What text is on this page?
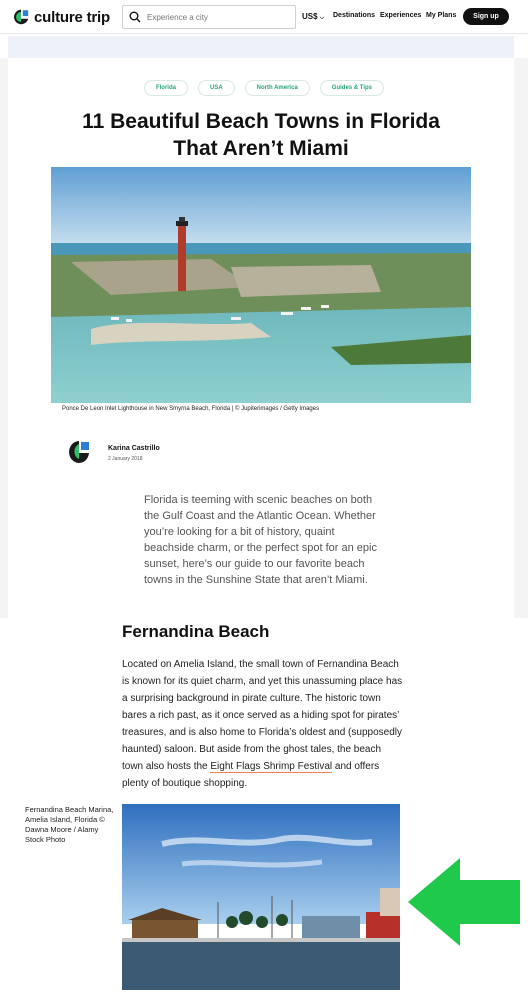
culture trip
Experience a city	US$ ⌵ Destinations Experiences My Plans	Sign up
Florida	USA	North America	Guides & Tips
11 Beautiful Beach Towns in Florida That Aren’t Miami
Ponce De Leon Inlet Lighthouse in New Smyrna Beach, Florida | © Jupiterimages / Getty Images
Karina Castrillo
2 January 2018

Florida is teeming with scenic beaches on both the Gulf Coast and the Atlantic Ocean. Whether you’re looking for a bit of history, quaint beachside charm, or the perfect spot for an epic sunset, here’s our guide to our favorite beach towns in the Sunshine State that aren’t Miami.

Fernandina Beach

Located on Amelia Island, the small town of Fernandina Beach is known for its quiet charm, and yet this unassuming place has a surprising background in pirate culture. The historic town bares a rich past, as it once served as a hiding spot for pirates’ treasures, and is also home to Florida’s oldest and (supposedly haunted) saloon. But aside from the ghost tales, the beach town also hosts the Eight Flags Shrimp Festival and offers plenty of boutique shopping.

Fernandina Beach Marina, Amelia Island, Florida © Dawna Moore / Alamy Stock Photo
